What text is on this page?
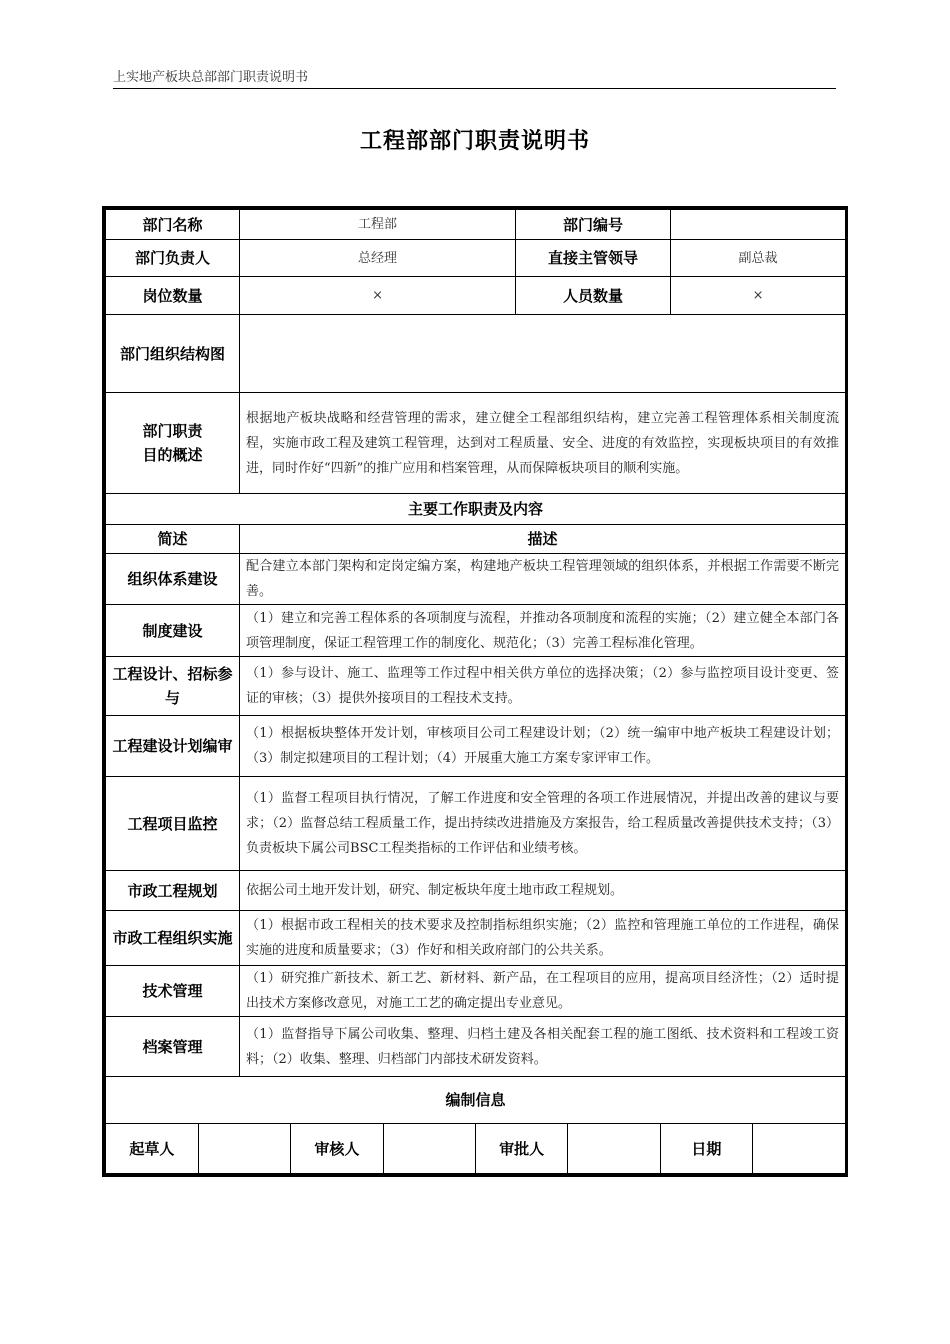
上实地产板块总部部门职责说明书
工程部部门职责说明书
部门名称	工程部	部门编号	
部门负责人	总经理	直接主管领导	副总裁
岗位数量	×	人员数量	×
部门组织结构图	

部门职责
目的概述
	根据地产板块战略和经营管理的需求，建立健全工程部组织结构，建立完善工程管理体系相关制度流程，实施市政工程及建筑工程管理，达到对工程质量、安全、进度的有效监控，实现板块项目的有效推进，同时作好“四新”的推广应用和档案管理，从而保障板块项目的顺利实施。
主要工作职责及内容
简述	描述
组织体系建设	配合建立本部门架构和定岗定编方案，构建地产板块工程管理领域的组织体系，并根据工作需要不断完善。
制度建设	（1）建立和完善工程体系的各项制度与流程，并推动各项制度和流程的实施；（2）建立健全本部门各项管理制度，保证工程管理工作的制度化、规范化；（3）完善工程标准化管理。
工程设计、招标参与	（1）参与设计、施工、监理等工作过程中相关供方单位的选择决策；（2）参与监控项目设计变更、签证的审核；（3）提供外接项目的工程技术支持。
工程建设计划编审	（1）根据板块整体开发计划，审核项目公司工程建设计划；（2）统一编审中地产板块工程建设计划；（3）制定拟建项目的工程计划；（4）开展重大施工方案专家评审工作。
工程项目监控	（1）监督工程项目执行情况，了解工作进度和安全管理的各项工作进展情况，并提出改善的建议与要求；（2）监督总结工程质量工作，提出持续改进措施及方案报告，给工程质量改善提供技术支持；（3）负责板块下属公司BSC工程类指标的工作评估和业绩考核。
市政工程规划	依据公司土地开发计划，研究、制定板块年度土地市政工程规划。
市政工程组织实施	（1）根据市政工程相关的技术要求及控制指标组织实施；（2）监控和管理施工单位的工作进程，确保实施的进度和质量要求；（3）作好和相关政府部门的公共关系。
技术管理	（1）研究推广新技术、新工艺、新材料、新产品，在工程项目的应用，提高项目经济性；（2）适时提出技术方案修改意见，对施工工艺的确定提出专业意见。
档案管理	（1）监督指导下属公司收集、整理、归档土建及各相关配套工程的施工图纸、技术资料和工程竣工资料；（2）收集、整理、归档部门内部技术研发资料。
编制信息

起草人		审核人		审批人		日期	
